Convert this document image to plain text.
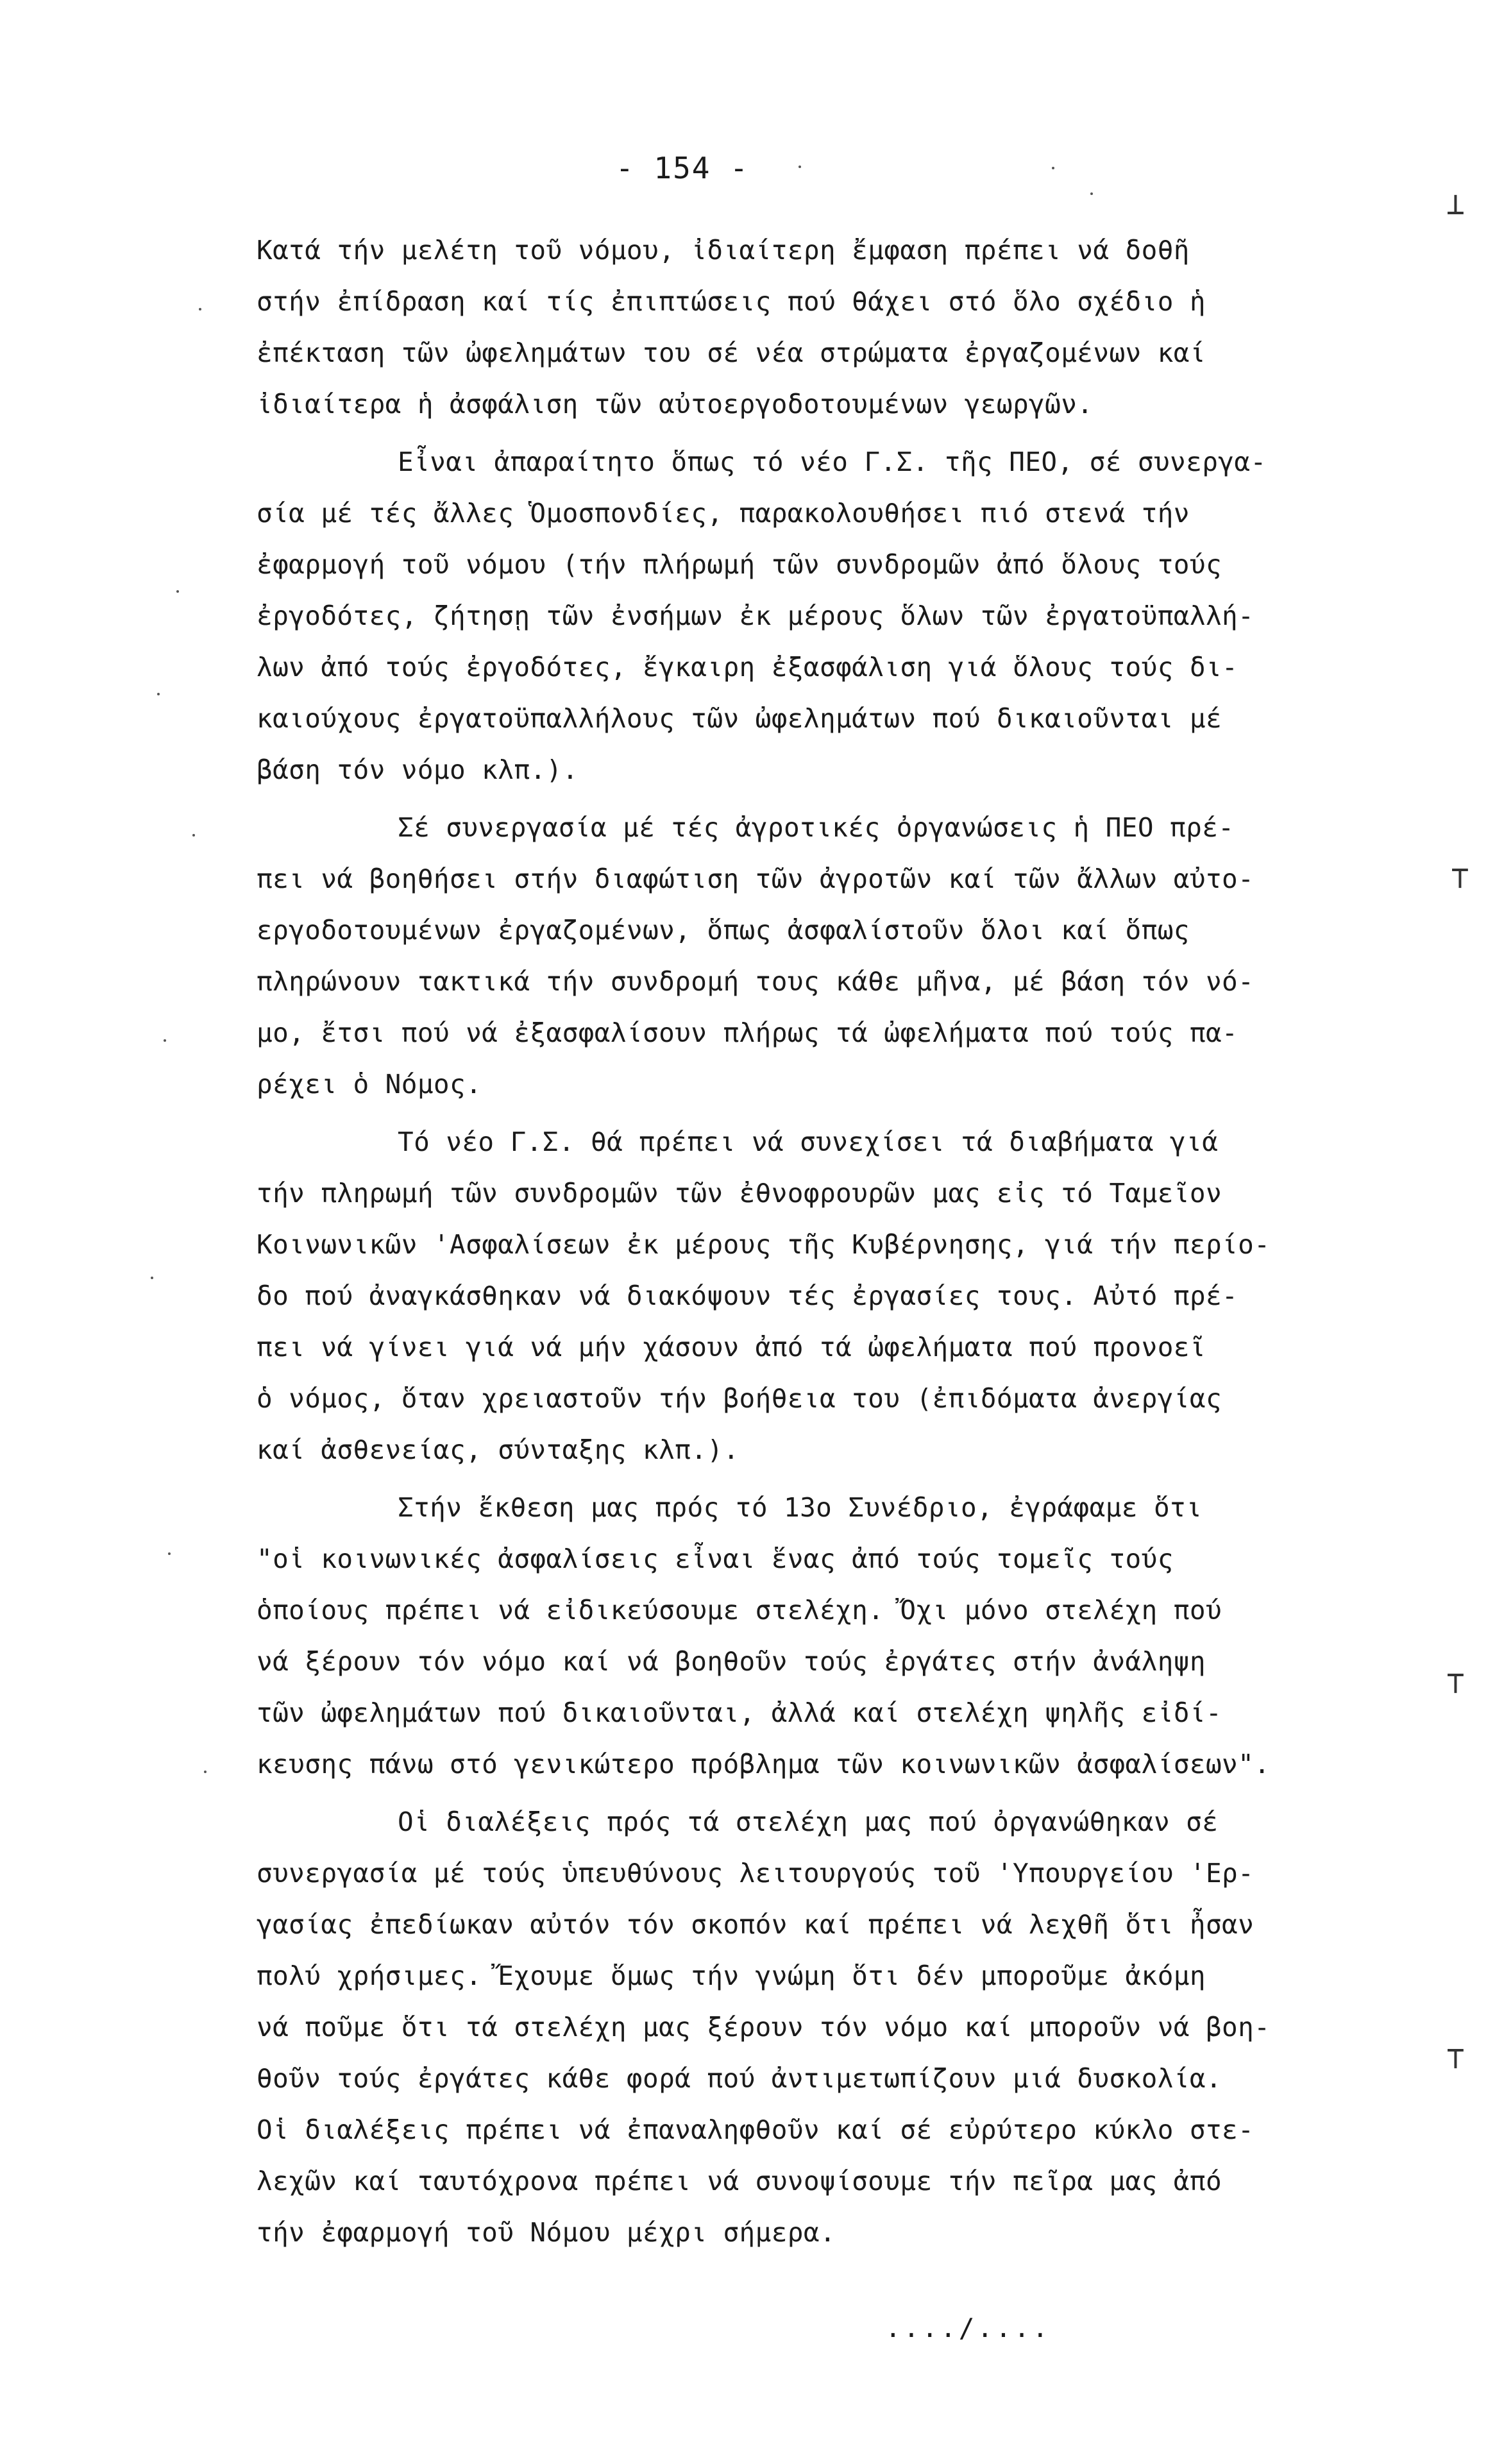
- 154 -
Κατά τήν μελέτη τοῦ νόμου, ἰδιαίτερη ἔμφαση πρέπει νά δοθῆ
στήν ἐπίδραση καί τίς ἐπιπτώσεις πού θάχει στό ὅλο σχέδιο ἡ
ἐπέκταση τῶν ὠφελημάτων του σέ νέα στρώματα ἐργαζομένων καί
ἰδιαίτερα ἡ ἀσφάλιση τῶν αὐτοεργοδοτουμένων γεωργῶν.
Εἶναι ἀπαραίτητο ὅπως τό νέο Γ.Σ. τῆς ΠΕΟ, σέ συνεργα-
σία μέ τές ἄλλες Ὁμοσπονδίες, παρακολουθήσει πιό στενά τήν
ἐφαρμογή τοῦ νόμου (τήν πλήρωμή τῶν συνδρομῶν ἀπό ὅλους τούς
ἐργοδότες, ζήτησῃ τῶν ἐνσήμων ἐκ μέρους ὅλων τῶν ἐργατοϋπαλλή-
λων ἀπό τούς ἐργοδότες, ἔγκαιρη ἐξασφάλιση γιά ὅλους τούς δι-
καιούχους ἐργατοϋπαλλήλους τῶν ὠφελημάτων πού δικαιοῦνται μέ
βάση τόν νόμο κλπ.).
Σέ συνεργασία μέ τές ἀγροτικές ὀργανώσεις ἡ ΠΕΟ πρέ-
πει νά βοηθήσει στήν διαφώτιση τῶν ἀγροτῶν καί τῶν ἄλλων αὐτο-
εργοδοτουμένων ἐργαζομένων, ὅπως ἀσφαλίστοῦν ὅλοι καί ὅπως
πληρώνουν τακτικά τήν συνδρομή τους κάθε μῆνα, μέ βάση τόν νό-
μο, ἔτσι πού νά ἐξασφαλίσουν πλήρως τά ὠφελήματα πού τούς πα-
ρέχει ὁ Νόμος.
Τό νέο Γ.Σ. θά πρέπει νά συνεχίσει τά διαβήματα γιά
τήν πληρωμή τῶν συνδρομῶν τῶν ἐθνοφρουρῶν μας εἰς τό Ταμεῖον
Κοινωνικῶν 'Ασφαλίσεων ἐκ μέρους τῆς Κυβέρνησης, γιά τήν περίο-
δο πού ἀναγκάσθηκαν νά διακόψουν τές ἐργασίες τους. Αὐτό πρέ-
πει νά γίνει γιά νά μήν χάσουν ἀπό τά ὠφελήματα πού προνοεῖ
ὁ νόμος, ὅταν χρειαστοῦν τήν βοήθεια του (ἐπιδόματα ἀνεργίας
καί ἀσθενείας, σύνταξης κλπ.).
Στήν ἔκθεση μας πρός τό 13ο Συνέδριο, ἐγράφαμε ὅτι
"οἱ κοινωνικές ἀσφαλίσεις εἶναι ἕνας ἀπό τούς τομεῖς τούς
ὁποίους πρέπει νά εἰδικεύσουμε στελέχη. Ὄχι μόνο στελέχη πού
νά ξέρουν τόν νόμο καί νά βοηθοῦν τούς ἐργάτες στήν ἀνάληψη
τῶν ὠφελημάτων πού δικαιοῦνται, ἀλλά καί στελέχη ψηλῆς εἰδί-
κευσης πάνω στό γενικώτερο πρόβλημα τῶν κοινωνικῶν ἀσφαλίσεων".
Οἱ διαλέξεις πρός τά στελέχη μας πού ὀργανώθηκαν σέ
συνεργασία μέ τούς ὑπευθύνους λειτουργούς τοῦ 'Υπουργείου 'Ερ-
γασίας ἐπεδίωκαν αὐτόν τόν σκοπόν καί πρέπει νά λεχθῆ ὅτι ἦσαν
πολύ χρήσιμες. Ἔχουμε ὅμως τήν γνώμη ὅτι δέν μποροῦμε ἀκόμη
νά ποῦμε ὅτι τά στελέχη μας ξέρουν τόν νόμο καί μποροῦν νά βοη-
θοῦν τούς ἐργάτες κάθε φορά πού ἀντιμετωπίζουν μιά δυσκολία.
Οἱ διαλέξεις πρέπει νά ἐπαναληφθοῦν καί σέ εὐρύτερο κύκλο στε-
λεχῶν καί ταυτόχρονα πρέπει νά συνοψίσουμε τήν πεῖρα μας ἀπό
τήν ἐφαρμογή τοῦ Νόμου μέχρι σήμερα.
..../....
⊥
⊤
⊤
⊤
